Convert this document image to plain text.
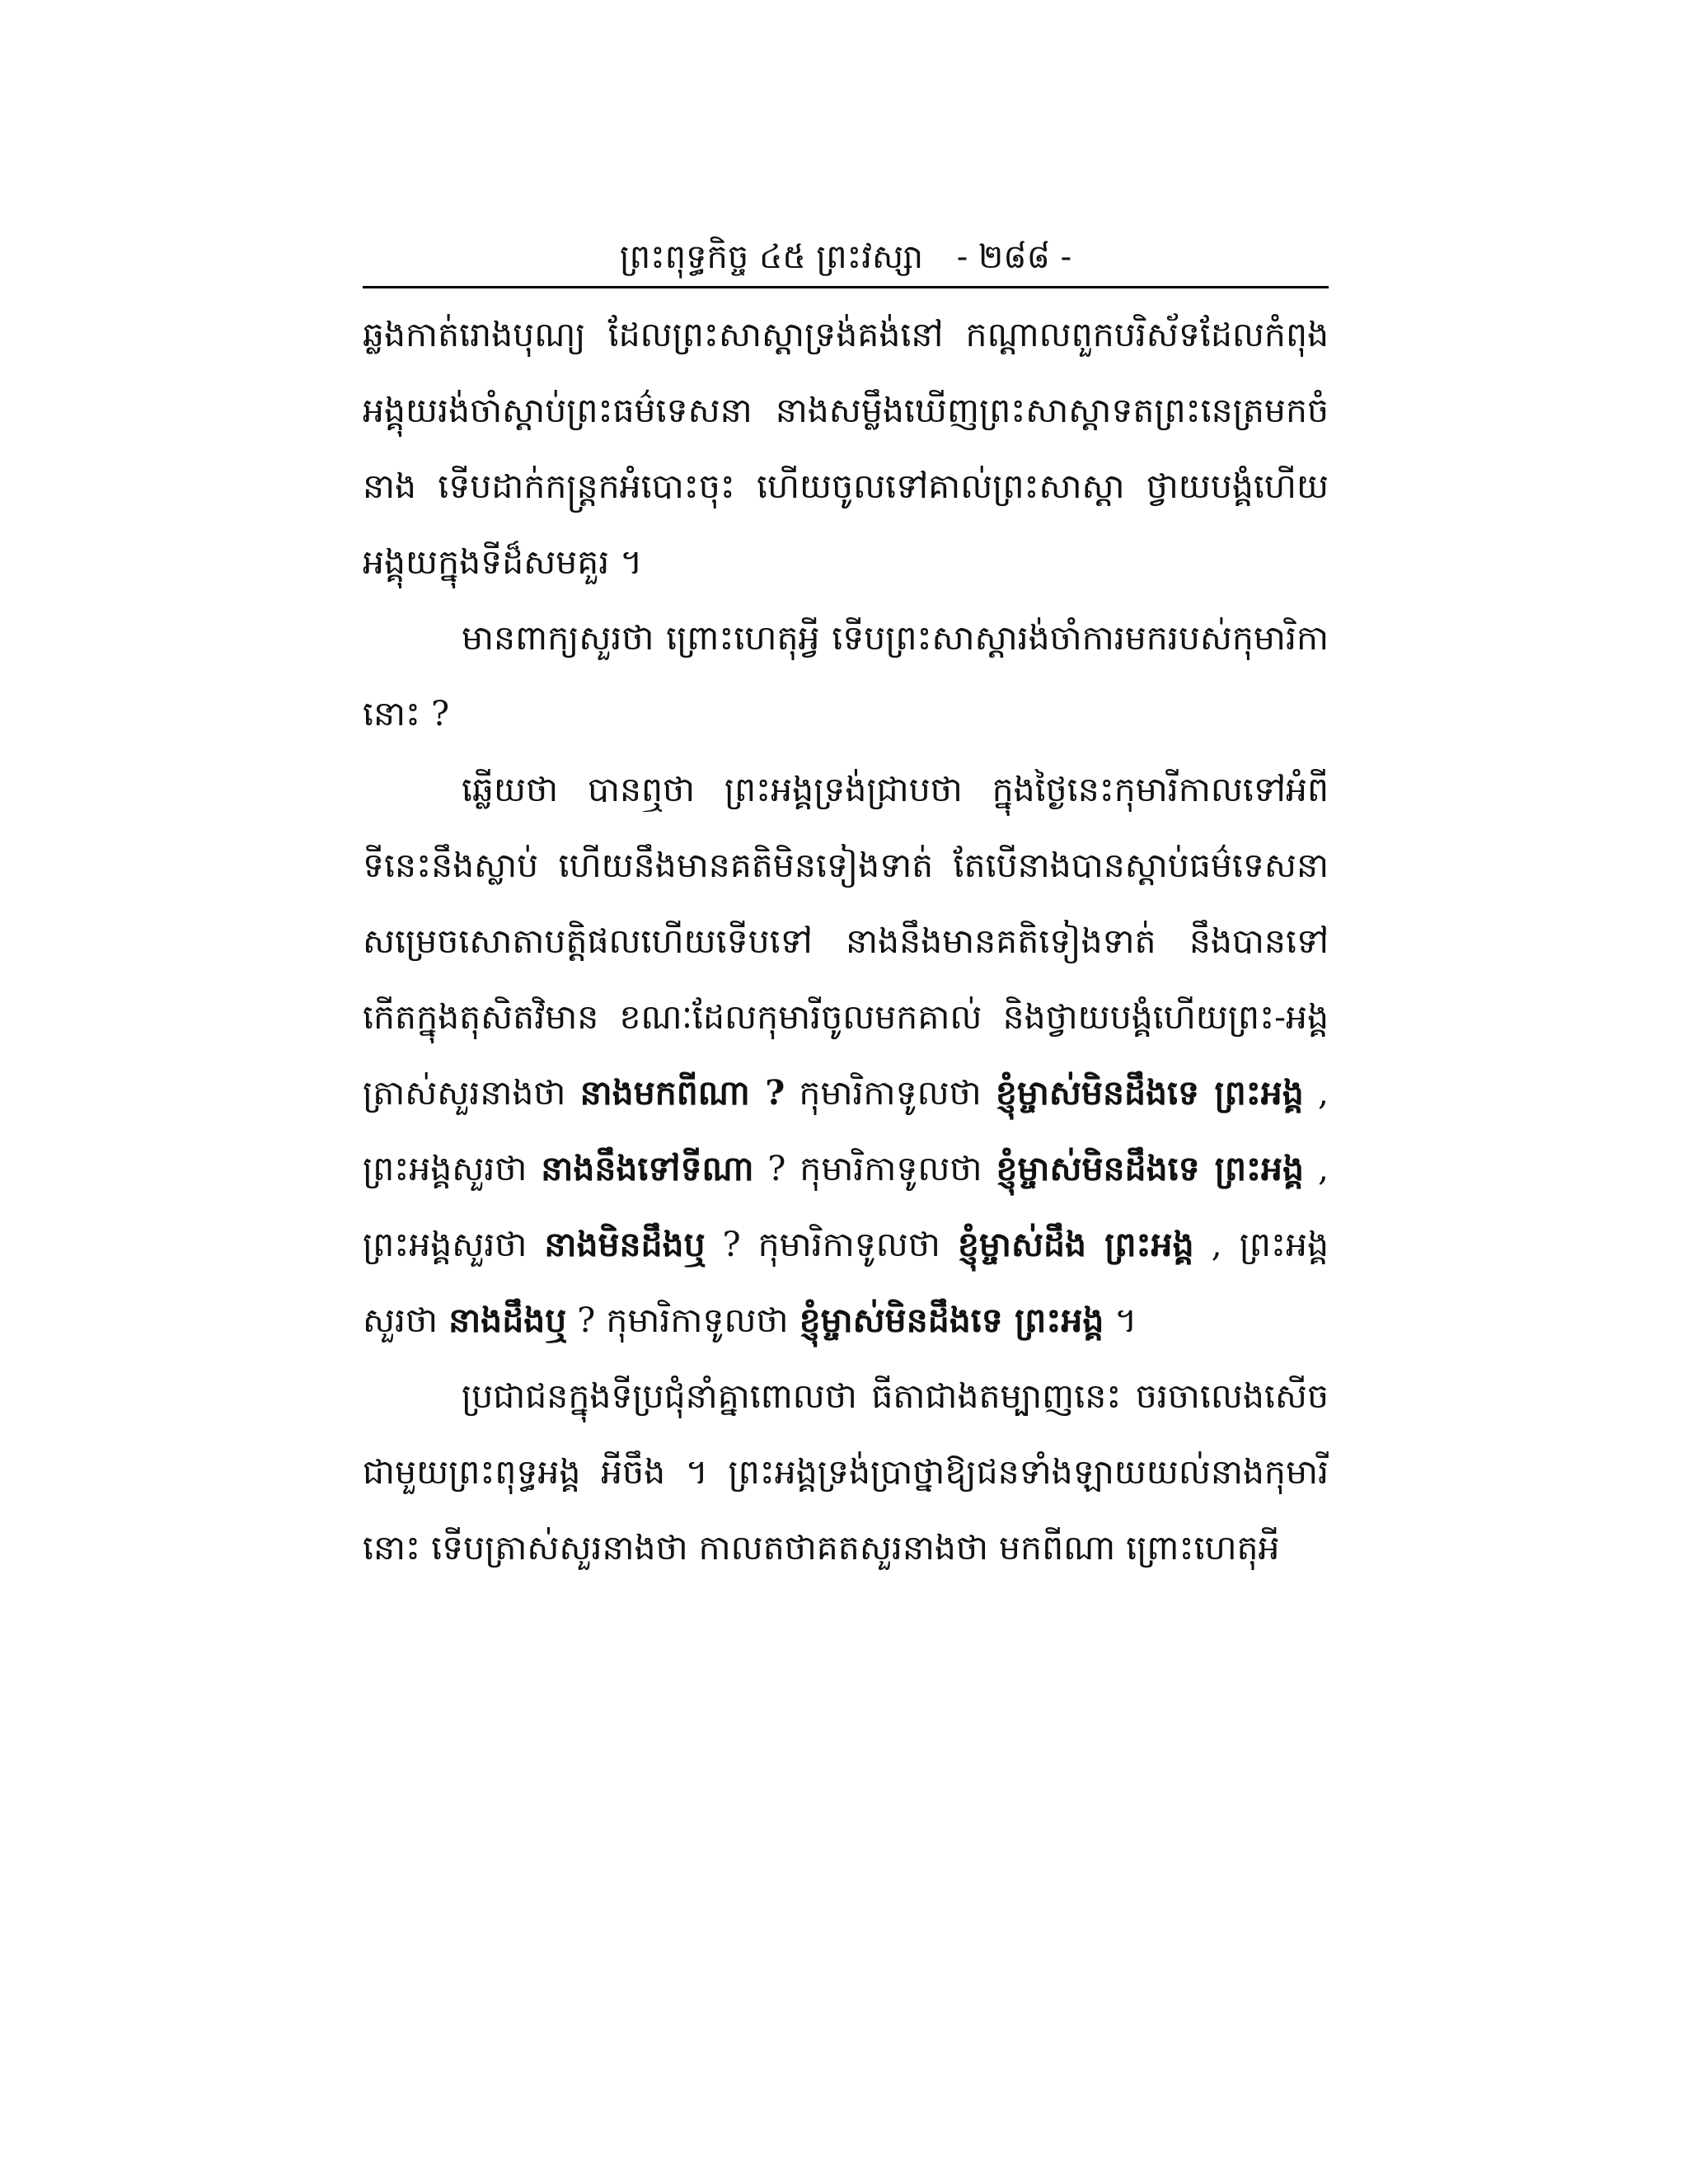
ព្រះពុទ្ធកិច្ច ៤៥ ព្រះវស្សា - ២៨៨ -

ឆ្លងកាត់រោងបុណ្យ ដែលព្រះសាស្ដាទ្រង់គង់នៅ កណ្ដាលពួកបរិស័ទដែលកំពុងអង្គុយរង់ចាំស្ដាប់ព្រះធម៌ទេសនា នាងសម្លឹងឃើញព្រះសាស្ដាទតព្រះនេត្រមកចំនាង ទើបដាក់កន្ត្រកអំបោះចុះ ហើយចូលទៅគាល់ព្រះសាស្ដា ថ្វាយបង្គំហើយអង្គុយក្នុងទីដ៏សមគួរ ។

មានពាក្យសួរថា ព្រោះហេតុអ្វី ទើបព្រះសាស្ដារង់ចាំការមករបស់កុមារិកានោះ ?

ឆ្លើយថា បានឮថា ព្រះអង្គទ្រង់ជ្រាបថា ក្នុងថ្ងៃនេះកុមារីកាលទៅអំពីទីនេះនឹងស្លាប់ ហើយនឹងមានគតិមិនទៀងទាត់ តែបើនាងបានស្ដាប់ធម៌ទេសនាសម្រេចសោតាបត្តិផលហើយទើបទៅ នាងនឹងមានគតិទៀងទាត់ នឹងបានទៅកើតក្នុងតុសិតវិមាន ខណៈដែលកុមារីចូលមកគាល់ និងថ្វាយបង្គំហើយព្រះ-អង្គត្រាស់សួរនាងថា នាងមកពីណា ? កុមារិកាទូលថា ខ្ញុំម្ចាស់មិនដឹងទេ ព្រះអង្គ , ព្រះអង្គសួរថា នាងនឹងទៅទីណា ? កុមារិកាទូលថា ខ្ញុំម្ចាស់មិនដឹងទេ ព្រះអង្គ , ព្រះអង្គសួរថា នាងមិនដឹងឬ ? កុមារិកាទូលថា ខ្ញុំម្ចាស់ដឹង ព្រះអង្គ , ព្រះអង្គសួរថា នាងដឹងឬ ? កុមារិកាទូលថា ខ្ញុំម្ចាស់មិនដឹងទេ ព្រះអង្គ ។

ប្រជាជនក្នុងទីប្រជុំនាំគ្នាពោលថា ធីតាជាងតម្បាញនេះ ចរចាលេងសើចជាមួយព្រះពុទ្ធអង្គ អីចឹង ។ ព្រះអង្គទ្រង់ប្រាថ្នាឱ្យជនទាំងឡាយយល់នាងកុមារីនោះ ទើបត្រាស់សួរនាងថា កាលតថាគតសួរនាងថា មកពីណា ព្រោះហេតុអី
